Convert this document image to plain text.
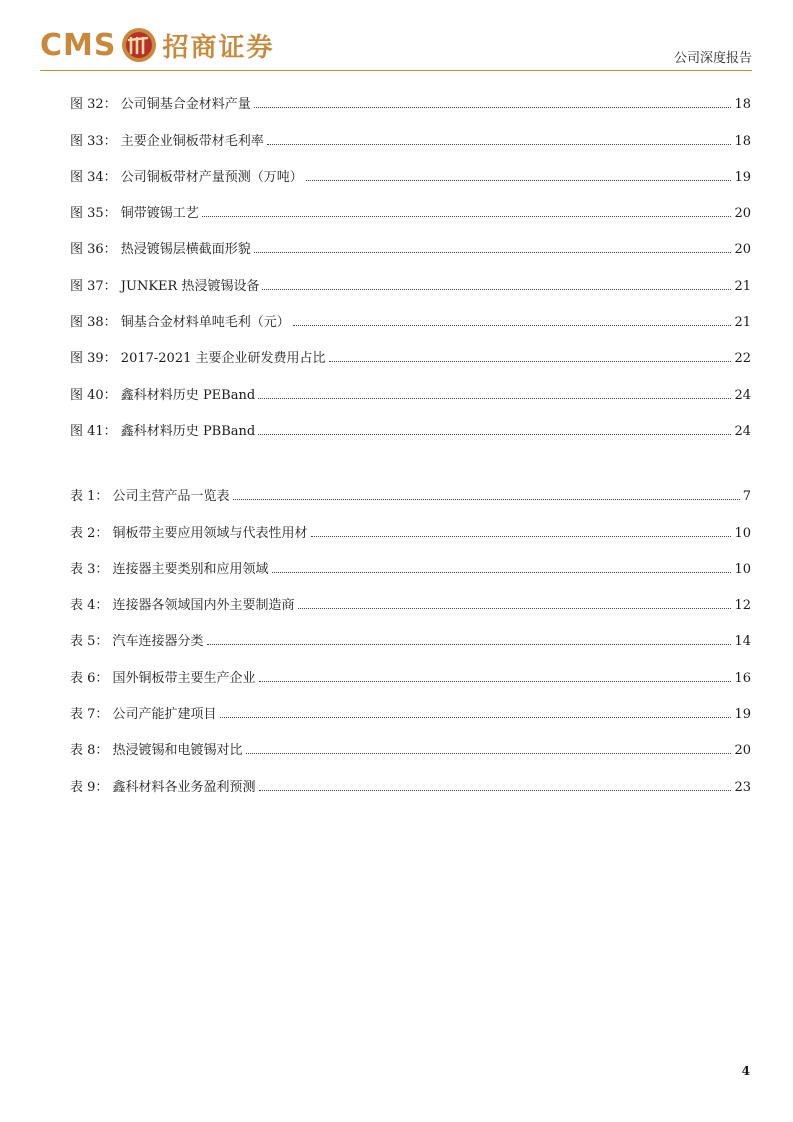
CMS 招商证券	公司深度报告
图 32： 公司铜基合金材料产量	18
图 33： 主要企业铜板带材毛利率	18
图 34： 公司铜板带材产量预测（万吨）	19
图 35： 铜带镀锡工艺	20
图 36： 热浸镀锡层横截面形貌	20
图 37： JUNKER 热浸镀锡设备	21
图 38： 铜基合金材料单吨毛利（元）	21
图 39： 2017-2021 主要企业研发费用占比	22
图 40： 鑫科材料历史 PEBand	24
图 41： 鑫科材料历史 PBBand	24
表 1： 公司主营产品一览表	7
表 2： 铜板带主要应用领域与代表性用材	10
表 3： 连接器主要类别和应用领域	10
表 4： 连接器各领域国内外主要制造商	12
表 5： 汽车连接器分类	14
表 6： 国外铜板带主要生产企业	16
表 7： 公司产能扩建项目	19
表 8： 热浸镀锡和电镀锡对比	20
表 9： 鑫科材料各业务盈利预测	23
4
